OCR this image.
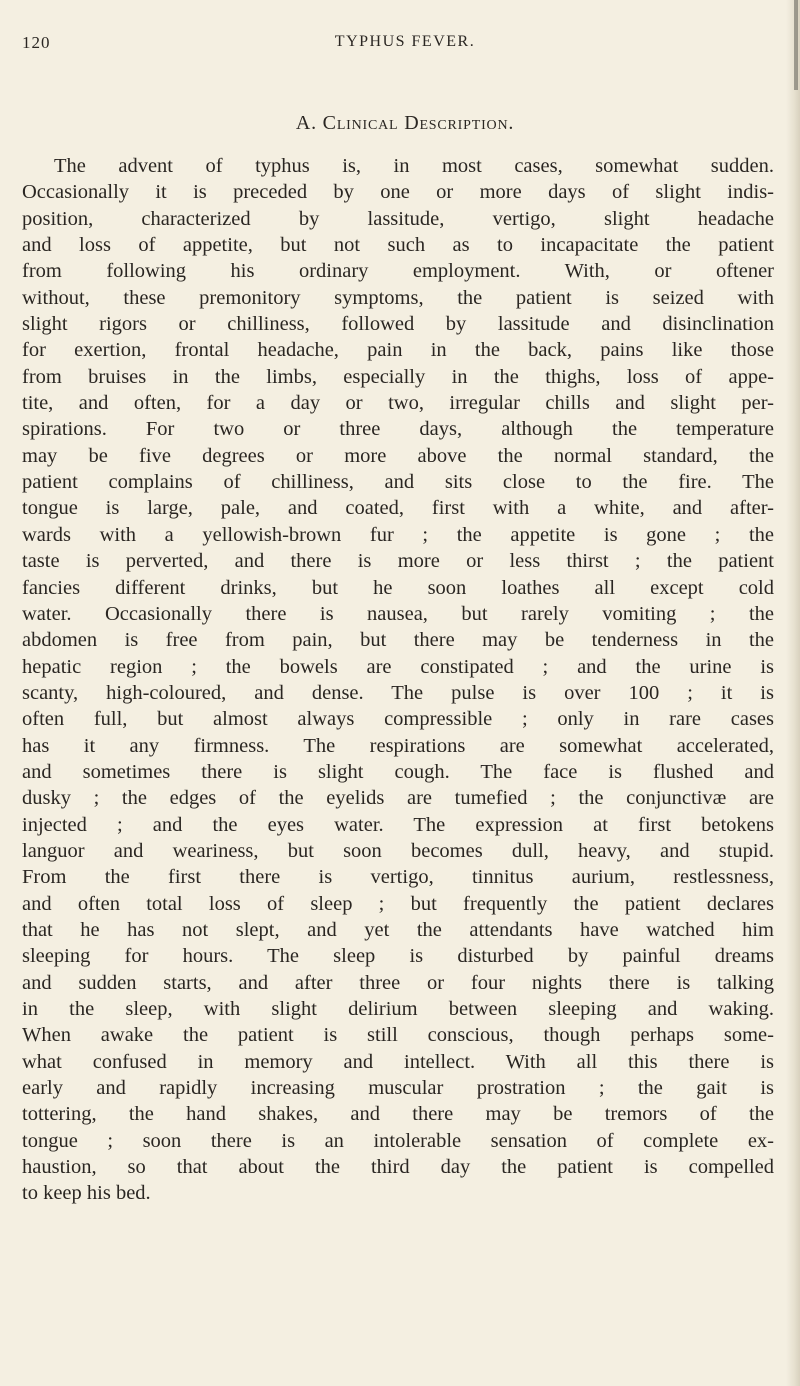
120	TYPHUS FEVER.
A. Clinical Description.
The advent of typhus is, in most cases, somewhat sudden.
Occasionally it is preceded by one or more days of slight indis-
position, characterized by lassitude, vertigo, slight headache
and loss of appetite, but not such as to incapacitate the patient
from following his ordinary employment. With, or oftener
without, these premonitory symptoms, the patient is seized with
slight rigors or chilliness, followed by lassitude and disinclination
for exertion, frontal headache, pain in the back, pains like those
from bruises in the limbs, especially in the thighs, loss of appe-
tite, and often, for a day or two, irregular chills and slight per-
spirations. For two or three days, although the temperature
may be five degrees or more above the normal standard, the
patient complains of chilliness, and sits close to the fire. The
tongue is large, pale, and coated, first with a white, and after-
wards with a yellowish-brown fur ; the appetite is gone ; the
taste is perverted, and there is more or less thirst ; the patient
fancies different drinks, but he soon loathes all except cold
water. Occasionally there is nausea, but rarely vomiting ; the
abdomen is free from pain, but there may be tenderness in the
hepatic region ; the bowels are constipated ; and the urine is
scanty, high-coloured, and dense. The pulse is over 100 ; it is
often full, but almost always compressible ; only in rare cases
has it any firmness. The respirations are somewhat accelerated,
and sometimes there is slight cough. The face is flushed and
dusky ; the edges of the eyelids are tumefied ; the conjunctivæ are
injected ; and the eyes water. The expression at first betokens
languor and weariness, but soon becomes dull, heavy, and stupid.
From the first there is vertigo, tinnitus aurium, restlessness,
and often total loss of sleep ; but frequently the patient declares
that he has not slept, and yet the attendants have watched him
sleeping for hours. The sleep is disturbed by painful dreams
and sudden starts, and after three or four nights there is talking
in the sleep, with slight delirium between sleeping and waking.
When awake the patient is still conscious, though perhaps some-
what confused in memory and intellect. With all this there is
early and rapidly increasing muscular prostration ; the gait is
tottering, the hand shakes, and there may be tremors of the
tongue ; soon there is an intolerable sensation of complete ex-
haustion, so that about the third day the patient is compelled
to keep his bed.
